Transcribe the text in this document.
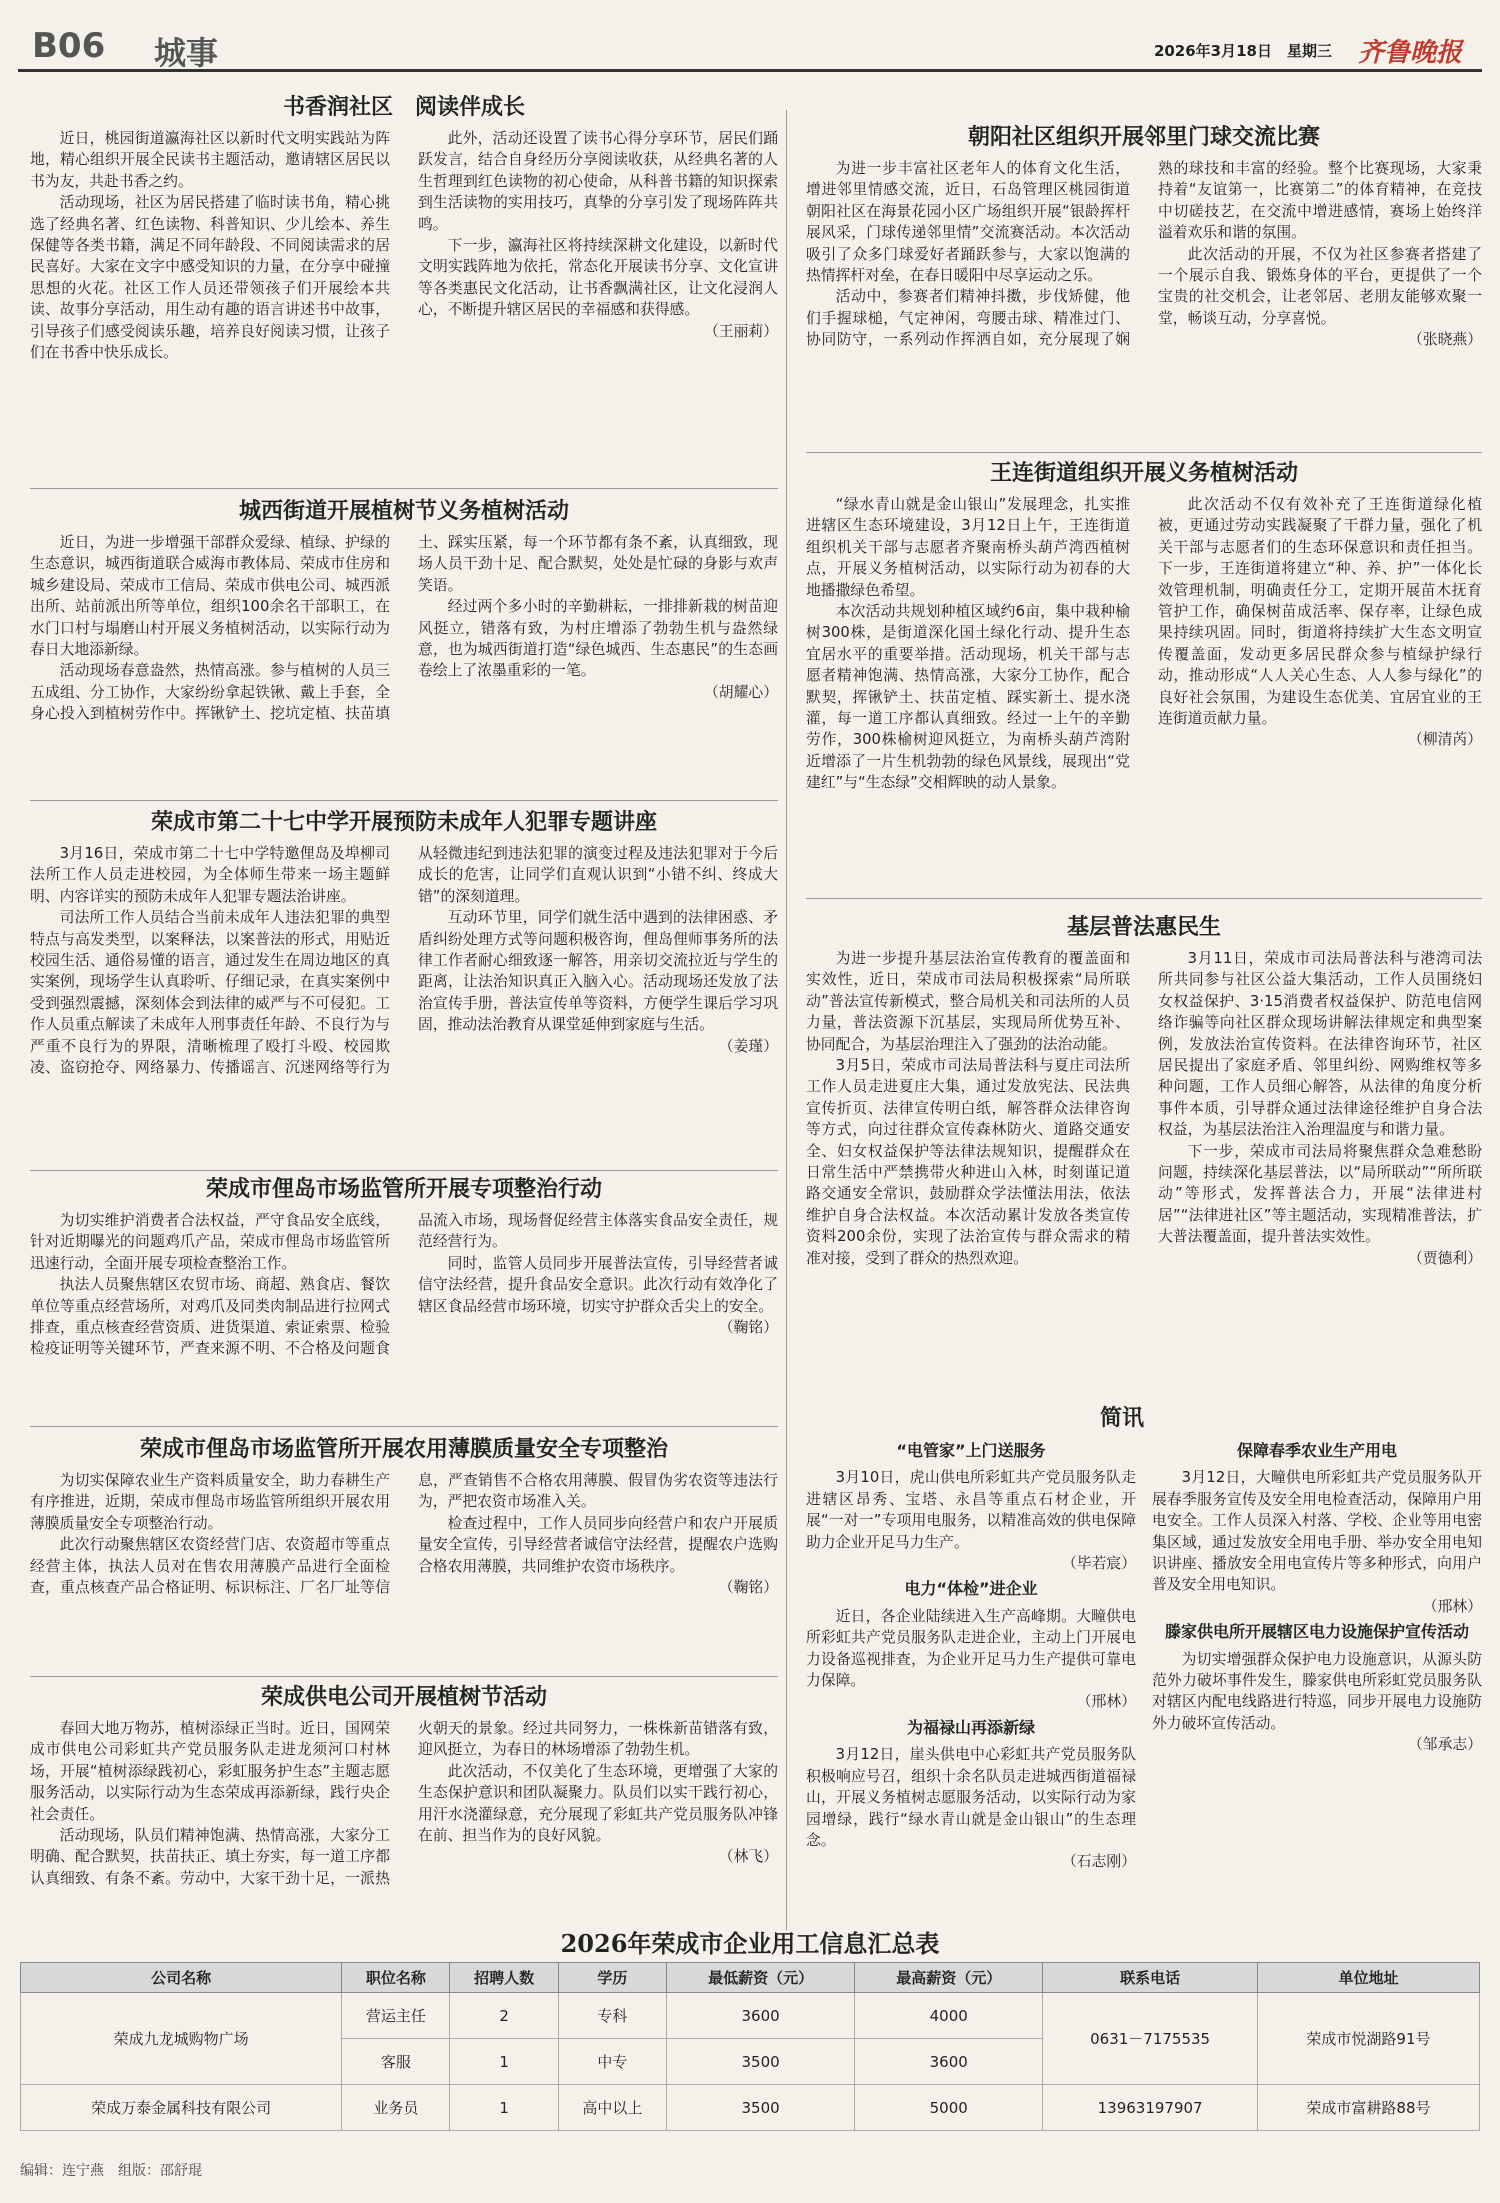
B06 城事	2026年3月18日　星期三 齐鲁晚报
书香润社区　阅读伴成长

近日，桃园街道瀛海社区以新时代文明实践站为阵地，精心组织开展全民读书主题活动，邀请辖区居民以书为友，共赴书香之约。

活动现场，社区为居民搭建了临时读书角，精心挑选了经典名著、红色读物、科普知识、少儿绘本、养生保健等各类书籍，满足不同年龄段、不同阅读需求的居民喜好。大家在文字中感受知识的力量，在分享中碰撞思想的火花。社区工作人员还带领孩子们开展绘本共读、故事分享活动，用生动有趣的语言讲述书中故事，引导孩子们感受阅读乐趣，培养良好阅读习惯，让孩子们在书香中快乐成长。

此外，活动还设置了读书心得分享环节，居民们踊跃发言，结合自身经历分享阅读收获，从经典名著的人生哲理到红色读物的初心使命，从科普书籍的知识探索到生活读物的实用技巧，真挚的分享引发了现场阵阵共鸣。

下一步，瀛海社区将持续深耕文化建设，以新时代文明实践阵地为依托，常态化开展读书分享、文化宣讲等各类惠民文化活动，让书香飘满社区，让文化浸润人心，不断提升辖区居民的幸福感和获得感。

（王丽莉）
城西街道开展植树节义务植树活动

近日，为进一步增强干部群众爱绿、植绿、护绿的生态意识，城西街道联合威海市教体局、荣成市住房和城乡建设局、荣成市工信局、荣成市供电公司、城西派出所、站前派出所等单位，组织100余名干部职工，在水门口村与塌磨山村开展义务植树活动，以实际行动为春日大地添新绿。

活动现场春意盎然，热情高涨。参与植树的人员三五成组、分工协作，大家纷纷拿起铁锹、戴上手套，全身心投入到植树劳作中。挥锹铲土、挖坑定植、扶苗填土、踩实压紧，每一个环节都有条不紊，认真细致，现场人员干劲十足、配合默契，处处是忙碌的身影与欢声笑语。

经过两个多小时的辛勤耕耘，一排排新栽的树苗迎风挺立，错落有致，为村庄增添了勃勃生机与盎然绿意，也为城西街道打造“绿色城西、生态惠民”的生态画卷绘上了浓墨重彩的一笔。

（胡耀心）
荣成市第二十七中学开展预防未成年人犯罪专题讲座

3月16日，荣成市第二十七中学特邀俚岛及埠柳司法所工作人员走进校园，为全体师生带来一场主题鲜明、内容详实的预防未成年人犯罪专题法治讲座。

司法所工作人员结合当前未成年人违法犯罪的典型特点与高发类型，以案释法，以案普法的形式，用贴近校园生活、通俗易懂的语言，通过发生在周边地区的真实案例，现场学生认真聆听、仔细记录，在真实案例中受到强烈震撼，深刻体会到法律的威严与不可侵犯。工作人员重点解读了未成年人刑事责任年龄、不良行为与严重不良行为的界限，清晰梳理了殴打斗殴、校园欺凌、盗窃抢夺、网络暴力、传播谣言、沉迷网络等行为从轻微违纪到违法犯罪的演变过程及违法犯罪对于今后成长的危害，让同学们直观认识到“小错不纠、终成大错”的深刻道理。

互动环节里，同学们就生活中遇到的法律困惑、矛盾纠纷处理方式等问题积极咨询，俚岛俚师事务所的法律工作者耐心细致逐一解答，用亲切交流拉近与学生的距离，让法治知识真正入脑入心。活动现场还发放了法治宣传手册，普法宣传单等资料，方便学生课后学习巩固，推动法治教育从课堂延伸到家庭与生活。

（姜瑾）
荣成市俚岛市场监管所开展专项整治行动

为切实维护消费者合法权益，严守食品安全底线，针对近期曝光的问题鸡爪产品，荣成市俚岛市场监管所迅速行动，全面开展专项检查整治工作。

执法人员聚焦辖区农贸市场、商超、熟食店、餐饮单位等重点经营场所，对鸡爪及同类肉制品进行拉网式排查，重点核查经营资质、进货渠道、索证索票、检验检疫证明等关键环节，严查来源不明、不合格及问题食品流入市场，现场督促经营主体落实食品安全责任，规范经营行为。

同时，监管人员同步开展普法宣传，引导经营者诚信守法经营，提升食品安全意识。此次行动有效净化了辖区食品经营市场环境，切实守护群众舌尖上的安全。

（鞠铭）
荣成市俚岛市场监管所开展农用薄膜质量安全专项整治

为切实保障农业生产资料质量安全，助力春耕生产有序推进，近期，荣成市俚岛市场监管所组织开展农用薄膜质量安全专项整治行动。

此次行动聚焦辖区农资经营门店、农资超市等重点经营主体，执法人员对在售农用薄膜产品进行全面检查，重点核查产品合格证明、标识标注、厂名厂址等信息，严查销售不合格农用薄膜、假冒伪劣农资等违法行为，严把农资市场准入关。

检查过程中，工作人员同步向经营户和农户开展质量安全宣传，引导经营者诚信守法经营，提醒农户选购合格农用薄膜，共同维护农资市场秩序。

（鞠铭）
荣成供电公司开展植树节活动

春回大地万物苏，植树添绿正当时。近日，国网荣成市供电公司彩虹共产党员服务队走进龙须河口村林场，开展“植树添绿践初心，彩虹服务护生态”主题志愿服务活动，以实际行动为生态荣成再添新绿，践行央企社会责任。

活动现场，队员们精神饱满、热情高涨，大家分工明确、配合默契，扶苗扶正、填土夯实，每一道工序都认真细致、有条不紊。劳动中，大家干劲十足，一派热火朝天的景象。经过共同努力，一株株新苗错落有致，迎风挺立，为春日的林场增添了勃勃生机。

此次活动，不仅美化了生态环境，更增强了大家的生态保护意识和团队凝聚力。队员们以实干践行初心，用汗水浇灌绿意，充分展现了彩虹共产党员服务队冲锋在前、担当作为的良好风貌。

（林飞）
朝阳社区组织开展邻里门球交流比赛

为进一步丰富社区老年人的体育文化生活，增进邻里情感交流，近日，石岛管理区桃园街道朝阳社区在海景花园小区广场组织开展“银龄挥杆展风采，门球传递邻里情”交流赛活动。本次活动吸引了众多门球爱好者踊跃参与，大家以饱满的热情挥杆对垒，在春日暖阳中尽享运动之乐。

活动中，参赛者们精神抖擞，步伐矫健，他们手握球槌，气定神闲，弯腰击球、精准过门、协同防守，一系列动作挥洒自如，充分展现了娴熟的球技和丰富的经验。整个比赛现场，大家秉持着“友谊第一，比赛第二”的体育精神，在竞技中切磋技艺，在交流中增进感情，赛场上始终洋溢着欢乐和谐的氛围。

此次活动的开展，不仅为社区参赛者搭建了一个展示自我、锻炼身体的平台，更提供了一个宝贵的社交机会，让老邻居、老朋友能够欢聚一堂，畅谈互动，分享喜悦。

（张晓燕）
王连街道组织开展义务植树活动

“绿水青山就是金山银山”发展理念，扎实推进辖区生态环境建设，3月12日上午，王连街道组织机关干部与志愿者齐聚南桥头葫芦湾西植树点，开展义务植树活动，以实际行动为初春的大地播撒绿色希望。

本次活动共规划种植区域约6亩，集中栽种榆树300株，是街道深化国土绿化行动、提升生态宜居水平的重要举措。活动现场，机关干部与志愿者精神饱满、热情高涨，大家分工协作，配合默契，挥锹铲土、扶苗定植、踩实新土、提水浇灌，每一道工序都认真细致。经过一上午的辛勤劳作，300株榆树迎风挺立，为南桥头葫芦湾附近增添了一片生机勃勃的绿色风景线，展现出“党建红”与“生态绿”交相辉映的动人景象。

此次活动不仅有效补充了王连街道绿化植被，更通过劳动实践凝聚了干群力量，强化了机关干部与志愿者们的生态环保意识和责任担当。下一步，王连街道将建立“种、养、护”一体化长效管理机制，明确责任分工，定期开展苗木抚育管护工作，确保树苗成活率、保存率，让绿色成果持续巩固。同时，街道将持续扩大生态文明宣传覆盖面，发动更多居民群众参与植绿护绿行动，推动形成“人人关心生态、人人参与绿化”的良好社会氛围，为建设生态优美、宜居宜业的王连街道贡献力量。

（柳清芮）
基层普法惠民生

为进一步提升基层法治宣传教育的覆盖面和实效性，近日，荣成市司法局积极探索“局所联动”普法宣传新模式，整合局机关和司法所的人员力量，普法资源下沉基层，实现局所优势互补、协同配合，为基层治理注入了强劲的法治动能。

3月5日，荣成市司法局普法科与夏庄司法所工作人员走进夏庄大集，通过发放宪法、民法典宣传折页、法律宣传明白纸，解答群众法律咨询等方式，向过往群众宣传森林防火、道路交通安全、妇女权益保护等法律法规知识，提醒群众在日常生活中严禁携带火种进山入林，时刻谨记道路交通安全常识，鼓励群众学法懂法用法，依法维护自身合法权益。本次活动累计发放各类宣传资料200余份，实现了法治宣传与群众需求的精准对接，受到了群众的热烈欢迎。

3月11日，荣成市司法局普法科与港湾司法所共同参与社区公益大集活动，工作人员围绕妇女权益保护、3·15消费者权益保护、防范电信网络诈骗等向社区群众现场讲解法律规定和典型案例，发放法治宣传资料。在法律咨询环节，社区居民提出了家庭矛盾、邻里纠纷、网购维权等多种问题，工作人员细心解答，从法律的角度分析事件本质，引导群众通过法律途径维护自身合法权益，为基层法治注入治理温度与和谐力量。

下一步，荣成市司法局将聚焦群众急难愁盼问题，持续深化基层普法，以“局所联动”“所所联动”等形式，发挥普法合力，开展“法律进村居”“法律进社区”等主题活动，实现精准普法，扩大普法覆盖面，提升普法实效性。

（贾德利）
简讯
“电管家”上门送服务

3月10日，虎山供电所彩虹共产党员服务队走进辖区昂秀、宝塔、永昌等重点石材企业，开展“一对一”专项用电服务，以精准高效的供电保障助力企业开足马力生产。

（毕若宸）
电力“体检”进企业

近日，各企业陆续进入生产高峰期。大疃供电所彩虹共产党员服务队走进企业，主动上门开展电力设备巡视排查，为企业开足马力生产提供可靠电力保障。

（邢林）
为福禄山再添新绿

3月12日，崖头供电中心彩虹共产党员服务队积极响应号召，组织十余名队员走进城西街道福禄山，开展义务植树志愿服务活动，以实际行动为家园增绿，践行“绿水青山就是金山银山”的生态理念。

（石志刚）
保障春季农业生产用电

3月12日，大疃供电所彩虹共产党员服务队开展春季服务宣传及安全用电检查活动，保障用户用电安全。工作人员深入村落、学校、企业等用电密集区域，通过发放安全用电手册、举办安全用电知识讲座、播放安全用电宣传片等多种形式，向用户普及安全用电知识。

（邢林）
滕家供电所开展辖区电力设施保护宣传活动

为切实增强群众保护电力设施意识，从源头防范外力破坏事件发生，滕家供电所彩虹党员服务队对辖区内配电线路进行特巡，同步开展电力设施防外力破坏宣传活动。

（邹承志）
2026年荣成市企业用工信息汇总表
公司名称	职位名称	招聘人数	学历	最低薪资（元）	最高薪资（元）	联系电话	单位地址
荣成九龙城购物广场	营运主任	2	专科	3600	4000	0631－7175535	荣成市悦湖路91号
	客服	1	中专	3500	3600		
荣成万泰金属科技有限公司	业务员	1	高中以上	3500	5000	13963197907	荣成市富耕路88号
编辑：连宁燕　组版：邵舒琨
